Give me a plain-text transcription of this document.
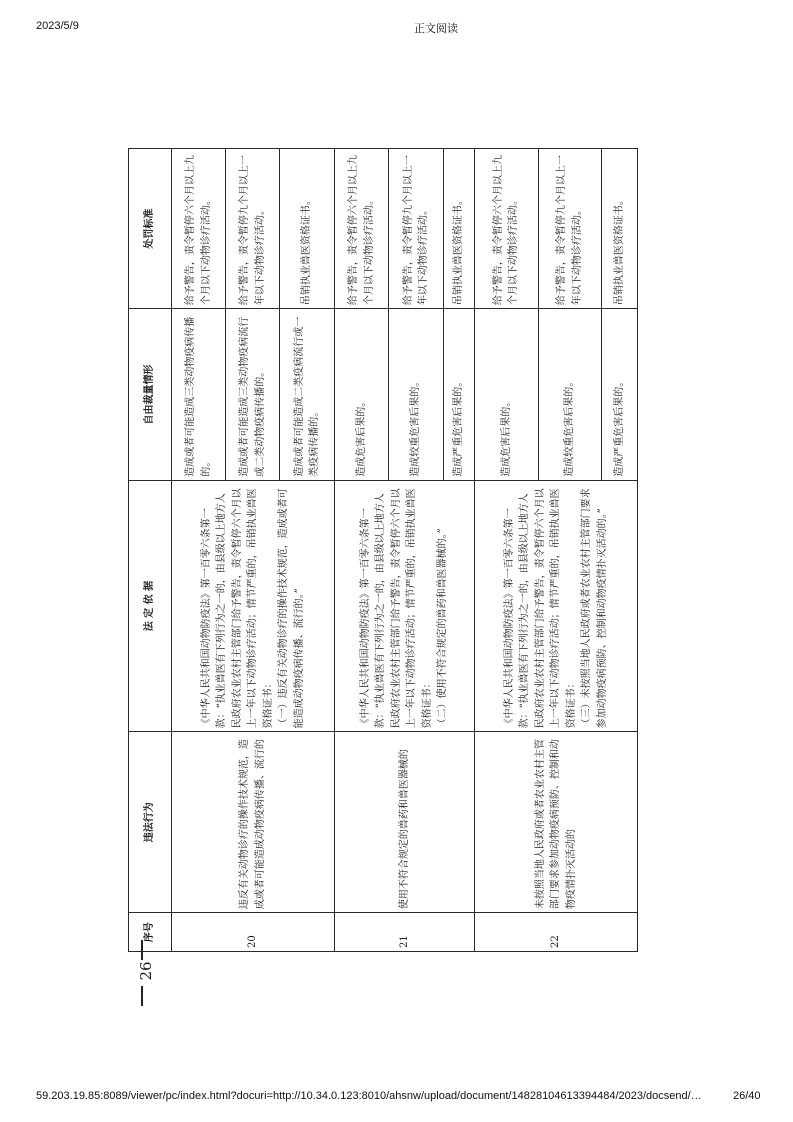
2023/5/9	正文阅读
26
序号	违法行为	法 定 依 据	自由裁量情形	处罚标准
20	违反有关动物诊疗的操作技术规范，造成或者可能造成动物疫病传播、流行的	《中华人民共和国动物防疫法》第一百零六条第一款：“执业兽医有下列行为之一的，由县级以上地方人民政府农业农村主管部门给予警告，责令暂停六个月以上一年以下动物诊疗活动；情节严重的，吊销执业兽医资格证书： （一）违反有关动物诊疗的操作技术规范，造成或者可能造成动物疫病传播、流行的。”	造成或者可能造成三类动物疫病传播的。	给予警告，责令暂停六个月以上九个月以下动物诊疗活动。
			造成或者可能造成三类动物疫病流行或二类动物疫病传播的。	给予警告，责令暂停九个月以上一年以下动物诊疗活动。
			造成或者可能造成二类疫病流行或一类疫病传播的。	吊销执业兽医资格证书。
21	使用不符合规定的兽药和兽医器械的	《中华人民共和国动物防疫法》第一百零六条第一款：“执业兽医有下列行为之一的，由县级以上地方人民政府农业农村主管部门给予警告，责令暂停六个月以上一年以下动物诊疗活动；情节严重的，吊销执业兽医资格证书： （二）使用不符合规定的兽药和兽医器械的。”	造成危害后果的。	给予警告，责令暂停六个月以上九个月以下动物诊疗活动。
			造成较重危害后果的。	给予警告，责令暂停九个月以上一年以下动物诊疗活动。
			造成严重危害后果的。	吊销执业兽医资格证书。
22	未按照当地人民政府或者农业农村主管部门要求参加动物疫病预防、控制和动物疫情扑灭活动的	《中华人民共和国动物防疫法》第一百零六条第一款：“执业兽医有下列行为之一的，由县级以上地方人民政府农业农村主管部门给予警告，责令暂停六个月以上一年以下动物诊疗活动；情节严重的，吊销执业兽医资格证书： （三）未按照当地人民政府或者农业农村主管部门要求参加动物疫病预防、控制和动物疫情扑灭活动的。”	造成危害后果的。	给予警告，责令暂停六个月以上九个月以下动物诊疗活动。
			造成较重危害后果的。	给予警告，责令暂停九个月以上一年以下动物诊疗活动。
			造成严重危害后果的。	吊销执业兽医资格证书。
59.203.19.85:8089/viewer/pc/index.html?docuri=http://10.34.0.123:8010/ahsnw/upload/document/14828104613394484/2023/docsend/…	26/40
